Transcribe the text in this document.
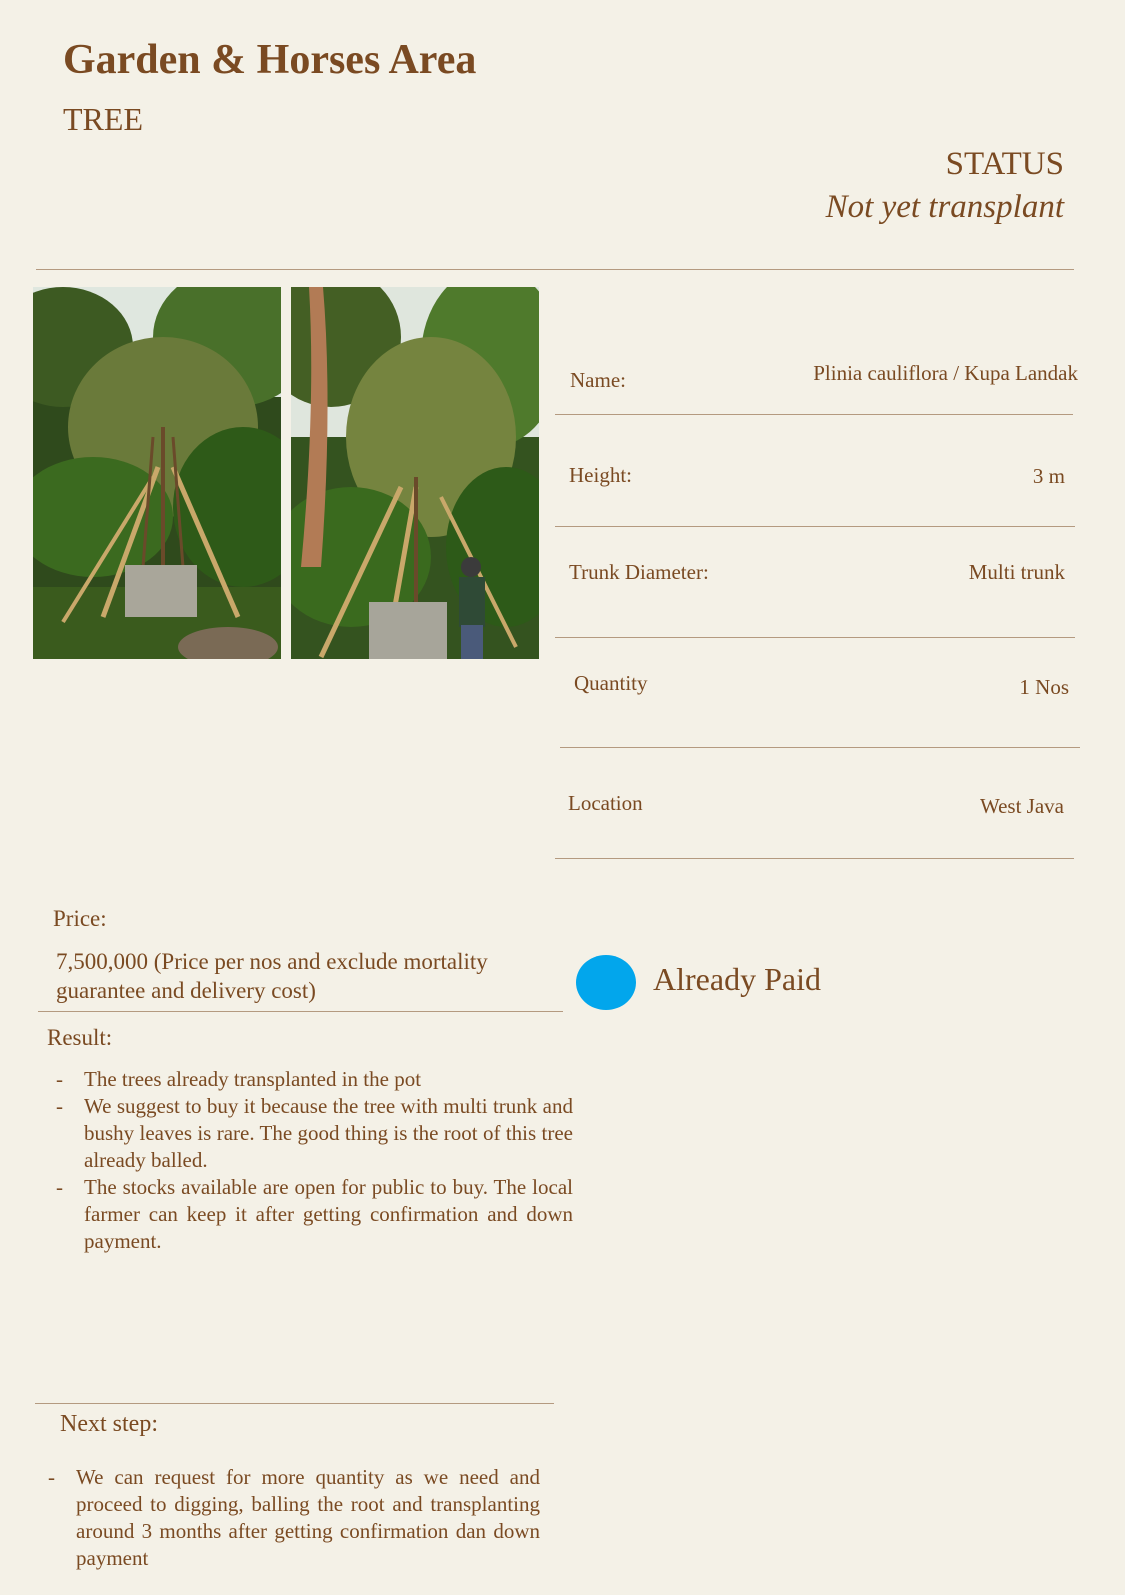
Garden & Horses Area
TREE
STATUS
Not yet transplant
Name:	Plinia cauliflora / Kupa Landak
Height:	3 m
Trunk Diameter:	Multi trunk
Quantity	1 Nos
Location	West Java
Price:
7,500,000 (Price per nos and exclude mortality guarantee and delivery cost)	Already Paid
Result:
- The trees already transplanted in the pot
- We suggest to buy it because the tree with multi trunk and bushy leaves is rare. The good thing is the root of this tree already balled.
- The stocks available are open for public to buy. The local farmer can keep it after getting confirmation and down payment.
Next step:
- We can request for more quantity as we need and proceed to digging, balling the root and transplanting around 3 months after getting confirmation dan down payment
